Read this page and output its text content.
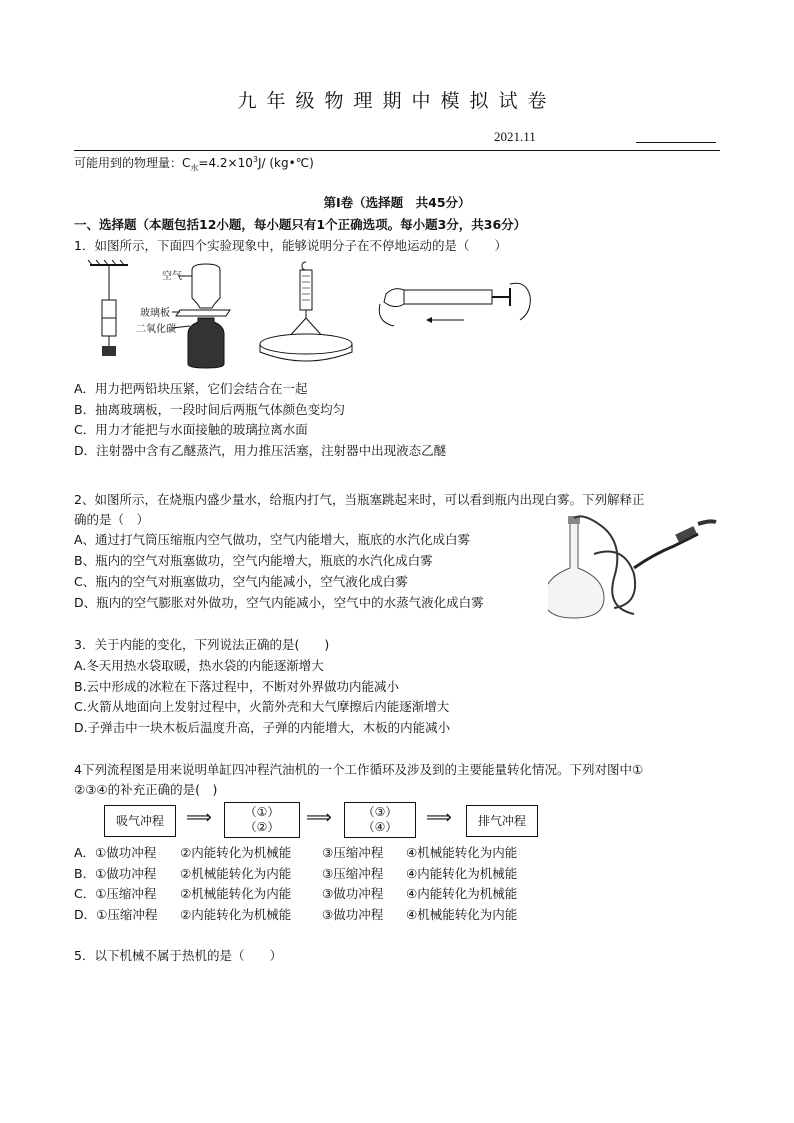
九年级物理期中模拟试卷
2021.11
可能用到的物理量：$C_水=4.2\times 10^3J/$ (kg•℃)
第Ⅰ卷（选择题　共45分）
一、选择题（本题包括12小题，每小题只有1个正确选项。每小题3分，共36分）
1．如图所示，下面四个实验现象中，能够说明分子在不停地运动的是（　　）
空气
玻璃板
二氧化碳
A．用力把两铅块压紧，它们会结合在一起
B．抽离玻璃板，一段时间后两瓶气体颜色变均匀
C．用力才能把与水面接触的玻璃拉离水面
D．注射器中含有乙醚蒸汽，用力推压活塞，注射器中出现液态乙醚
2、如图所示，在烧瓶内盛少量水，给瓶内打气，当瓶塞跳起来时，可以看到瓶内出现白雾。下列解释正
确的是（　）
A、通过打气筒压缩瓶内空气做功，空气内能增大，瓶底的水汽化成白雾
B、瓶内的空气对瓶塞做功，空气内能增大，瓶底的水汽化成白雾
C、瓶内的空气对瓶塞做功，空气内能减小，空气液化成白雾
D、瓶内的空气膨胀对外做功，空气内能减小，空气中的水蒸气液化成白雾
3．关于内能的变化，下列说法正确的是(　　)
A.冬天用热水袋取暖，热水袋的内能逐渐增大
B.云中形成的冰粒在下落过程中，不断对外界做功内能减小
C.火箭从地面向上发射过程中，火箭外壳和大气摩擦后内能逐渐增大
D.子弹击中一块木板后温度升高，子弹的内能增大，木板的内能减小
4下列流程图是用来说明单缸四冲程汽油机的一个工作循环及涉及到的主要能量转化情况。下列对图中①
②③④的补充正确的是(　)
吸气冲程	⟹	（①）
（②）	⟹	（③）
（④）	⟹	排气冲程
A．①做功冲程 ②内能转化为机械能 ③压缩冲程 ④机械能转化为内能
B．①做功冲程 ②机械能转化为内能 ③压缩冲程 ④内能转化为机械能
C．①压缩冲程 ②机械能转化为内能 ③做功冲程 ④内能转化为机械能
D．①压缩冲程 ②内能转化为机械能 ③做功冲程 ④机械能转化为内能
5．以下机械不属于热机的是（　　）
